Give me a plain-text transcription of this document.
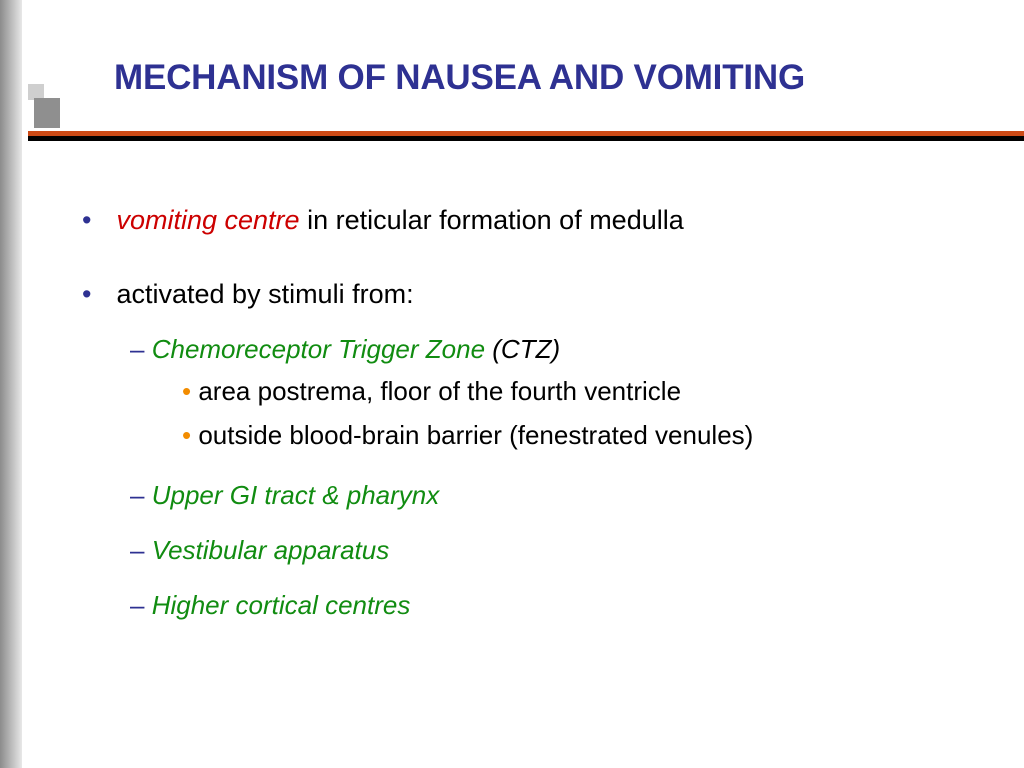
MECHANISM OF NAUSEA AND VOMITING
• vomiting centre in reticular formation of medulla
• activated by stimuli from:
– Chemoreceptor Trigger Zone (CTZ)
• area postrema, floor of the fourth ventricle
• outside blood-brain barrier (fenestrated venules)
– Upper GI tract & pharynx
– Vestibular apparatus
– Higher cortical centres
